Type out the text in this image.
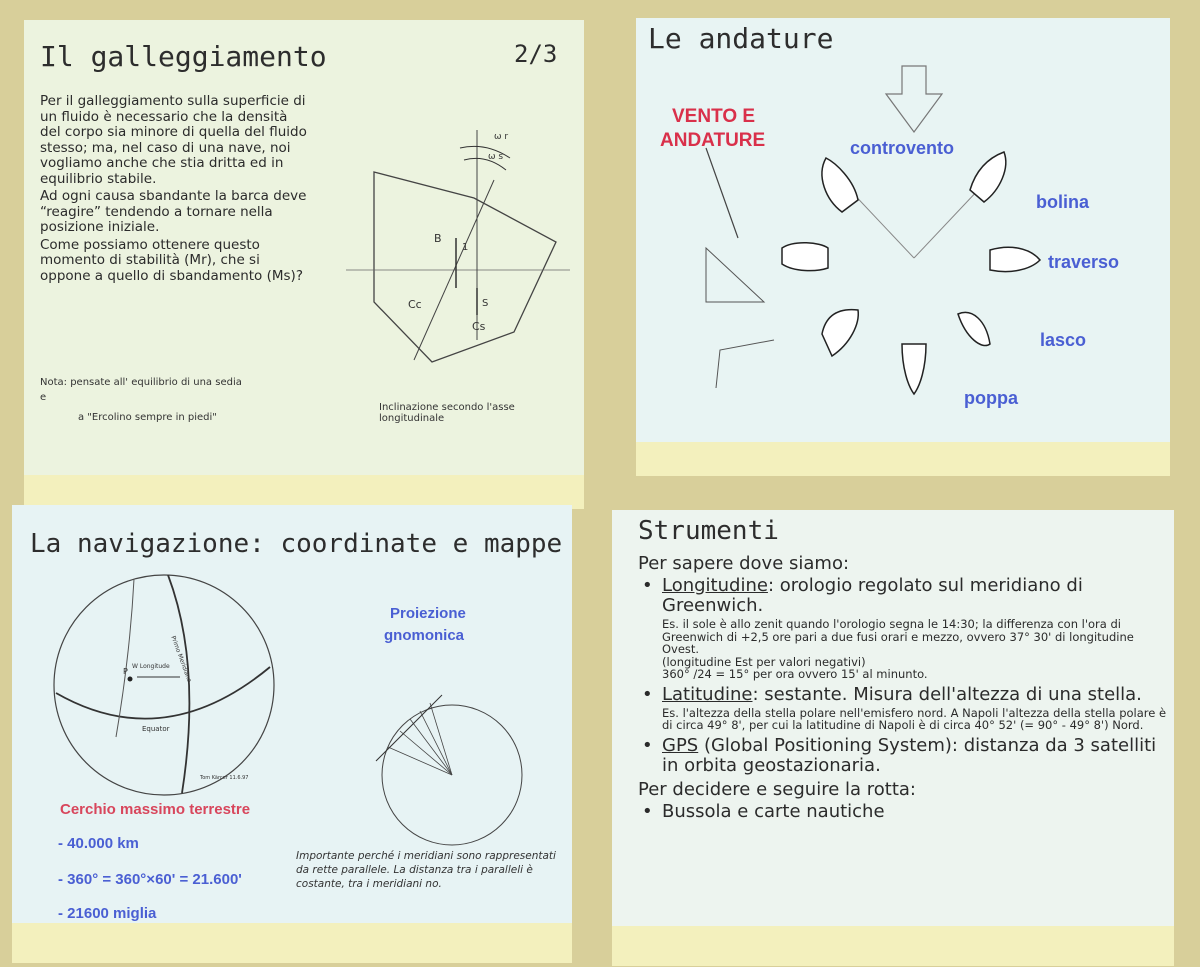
Il galleggiamento	2/3

Per il galleggiamento sulla superficie di un fluido è necessario che la densità del corpo sia minore di quella del fluido stesso; ma, nel caso di una nave, noi vogliamo anche che stia dritta ed in equilibrio stabile.

Ad ogni causa sbandante la barca deve “reagire” tendendo a tornare nella posizione iniziale.

Come possiamo ottenere questo momento di stabilità (Mr), che si oppone a quello di sbandamento (Ms)?

Nota: pensate all' equilibrio di una sedia
e
a "Ercolino sempre in piedi"
Inclinazione secondo l'asse longitudinale
B
1
Cc	S
Cs
ω r
ω s
G.Paternoster	La fisica a vela - Napoli mag. 2019	4
Le andature
VENTO E
ANDATURE	controvento
bolina
traverso
lasco
poppa
G.Paternoster	La fisica a vela - Napoli mag. 2019	20
La navigazione: coordinate e mappe
W Longitude
P
Equator
Primo Meridiano
Tom Kärcer 11.6.97
Proiezione
gnomonica
Cerchio massimo terrestre
- 40.000 km
- 360° = 360°×60' = 21.600'
- 21600 miglia
Importante perché i meridiani sono rappresentati da rette parallele. La distanza tra i paralleli è costante, tra i meridiani no.
G.Paternoster	La fisica a vela - Napoli mag. 2019	22
Strumenti

Per sapere dove siamo:

• Longitudine: orologio regolato sul meridiano di Greenwich.
Es. il sole è allo zenit quando l'orologio segna le 14:30; la differenza con l'ora di Greenwich di +2,5 ore pari a due fusi orari e mezzo, ovvero 37° 30' di longitudine Ovest.
(longitudine Est per valori negativi)
360° /24 = 15° per ora ovvero 15' al minunto.
• Latitudine: sestante. Misura dell'altezza di una stella.
Es. l'altezza della stella polare nell'emisfero nord. A Napoli l'altezza della stella polare è di circa 49° 8', per cui la latitudine di Napoli è di circa 40° 52' (= 90° - 49° 8') Nord.
• GPS (Global Positioning System): distanza da 3 satelliti in orbita geostazionaria.

Per decidere e seguire la rotta:

• Bussola e carte nautiche
G.Paternoster
La fisica a vela - Napoli mag. 2019
23
